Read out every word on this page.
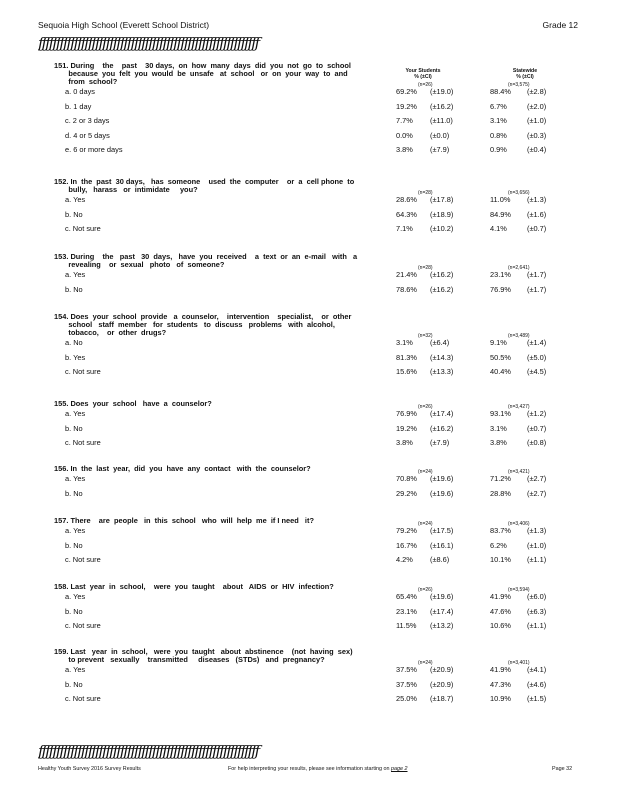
Sequoia High School (Everett School District)	Grade 12
ƒƒƒƒƒƒƒƒƒƒƒƒƒƒƒƒƒƒƒƒƒƒƒƒƒƒƒƒƒƒƒƒƒƒƒƒƒƒƒƒƒƒƒƒƒƒƒƒƒƒƒƒƒƒƒƒƒƒƒƒƒƒ
Your Students
% (±CI)
Statewide
% (±CI)
151. During    the    past    30 days,  on  how  many  days  did  you  not  go  to  school
because  you  felt  you  would  be  unsafe   at  school   or  on  your  way  to  and
from  school?	(n=26)	(n=3,575)
a. 0 days	69.2% (±19.0)	88.4% (±2.8)
b. 1 day	19.2% (±16.2)	6.7%	(±2.0)
c. 2 or 3 days	7.7% (±11.0)	3.1%	(±1.0)
d. 4 or 5 days	0.0% (±0.0)	0.8%	(±0.3)
e. 6 or more days	3.8% (±7.9)	0.9%	(±0.4)
152. In  the  past  30 days,   has  someone    used  the  computer    or  a  cell phone  to
bully,   harass   or  intimidate     you?	(n=28)	(n=3,656)
a. Yes	28.6% (±17.8)	11.0% (±1.3)
b. No	64.3% (±18.9)	84.9% (±1.6)
c. Not sure	7.1% (±10.2)	4.1%	(±0.7)
153. During    the   past   30  days,   have  you  received    a  text  or  an  e-mail   with   a
revealing    or  sexual   photo   of  someone?	(n=28)	(n=2,641)
a. Yes	21.4% (±16.2)	23.1% (±1.7)
b. No	78.6% (±16.2)	76.9% (±1.7)
154. Does  your  school  provide   a  counselor,    intervention    specialist,    or  other
school   staff  member   for  students   to  discuss   problems   with  alcohol,
tobacco,    or  other  drugs?	(n=32)	(n=3,489)
a. No	3.1% (±6.4)	9.1%	(±1.4)
b. Yes	81.3% (±14.3)	50.5% (±5.0)
c. Not sure	15.6% (±13.3)	40.4% (±4.5)
155. Does  your  school   have  a  counselor?	(n=26)	(n=3,427)
a. Yes	76.9% (±17.4)	93.1% (±1.2)
b. No	19.2% (±16.2)	3.1%	(±0.7)
c. Not sure	3.8% (±7.9)	3.8%	(±0.8)
156. In  the  last  year,  did  you  have  any  contact   with  the  counselor?	(n=24)	(n=3,421)
a. Yes	70.8% (±19.6)	71.2% (±2.7)
b. No	29.2% (±19.6)	28.8% (±2.7)
157. There    are  people   in  this  school   who  will  help  me  if I need   it?	(n=24)	(n=3,406)
a. Yes	79.2% (±17.5)	83.7% (±1.3)
b. No	16.7% (±16.1)	6.2%	(±1.0)
c. Not sure	4.2% (±8.6)	10.1% (±1.1)
158. Last  year  in  school,    were  you  taught    about   AIDS  or  HIV  infection?	(n=26)	(n=3,594)
a. Yes	65.4% (±19.6)	41.9% (±6.0)
b. No	23.1% (±17.4)	47.6% (±6.3)
c. Not sure	11.5% (±13.2)	10.6% (±1.1)
159. Last   year  in  school,   were  you  taught   about  abstinence    (not  having  sex)
to prevent   sexually    transmitted     diseases   (STDs)   and  pregnancy?	(n=24)	(n=3,401)
a. Yes	37.5% (±20.9)	41.9% (±4.1)
b. No	37.5% (±20.9)	47.3% (±4.6)
c. Not sure	25.0% (±18.7)	10.9% (±1.5)
ƒƒƒƒƒƒƒƒƒƒƒƒƒƒƒƒƒƒƒƒƒƒƒƒƒƒƒƒƒƒƒƒƒƒƒƒƒƒƒƒƒƒƒƒƒƒƒƒƒƒƒƒƒƒƒƒƒƒƒƒƒƒ
Healthy Youth Survey 2016 Survey Results	For help interpreting your results, please see information starting on page 2	Page 32
